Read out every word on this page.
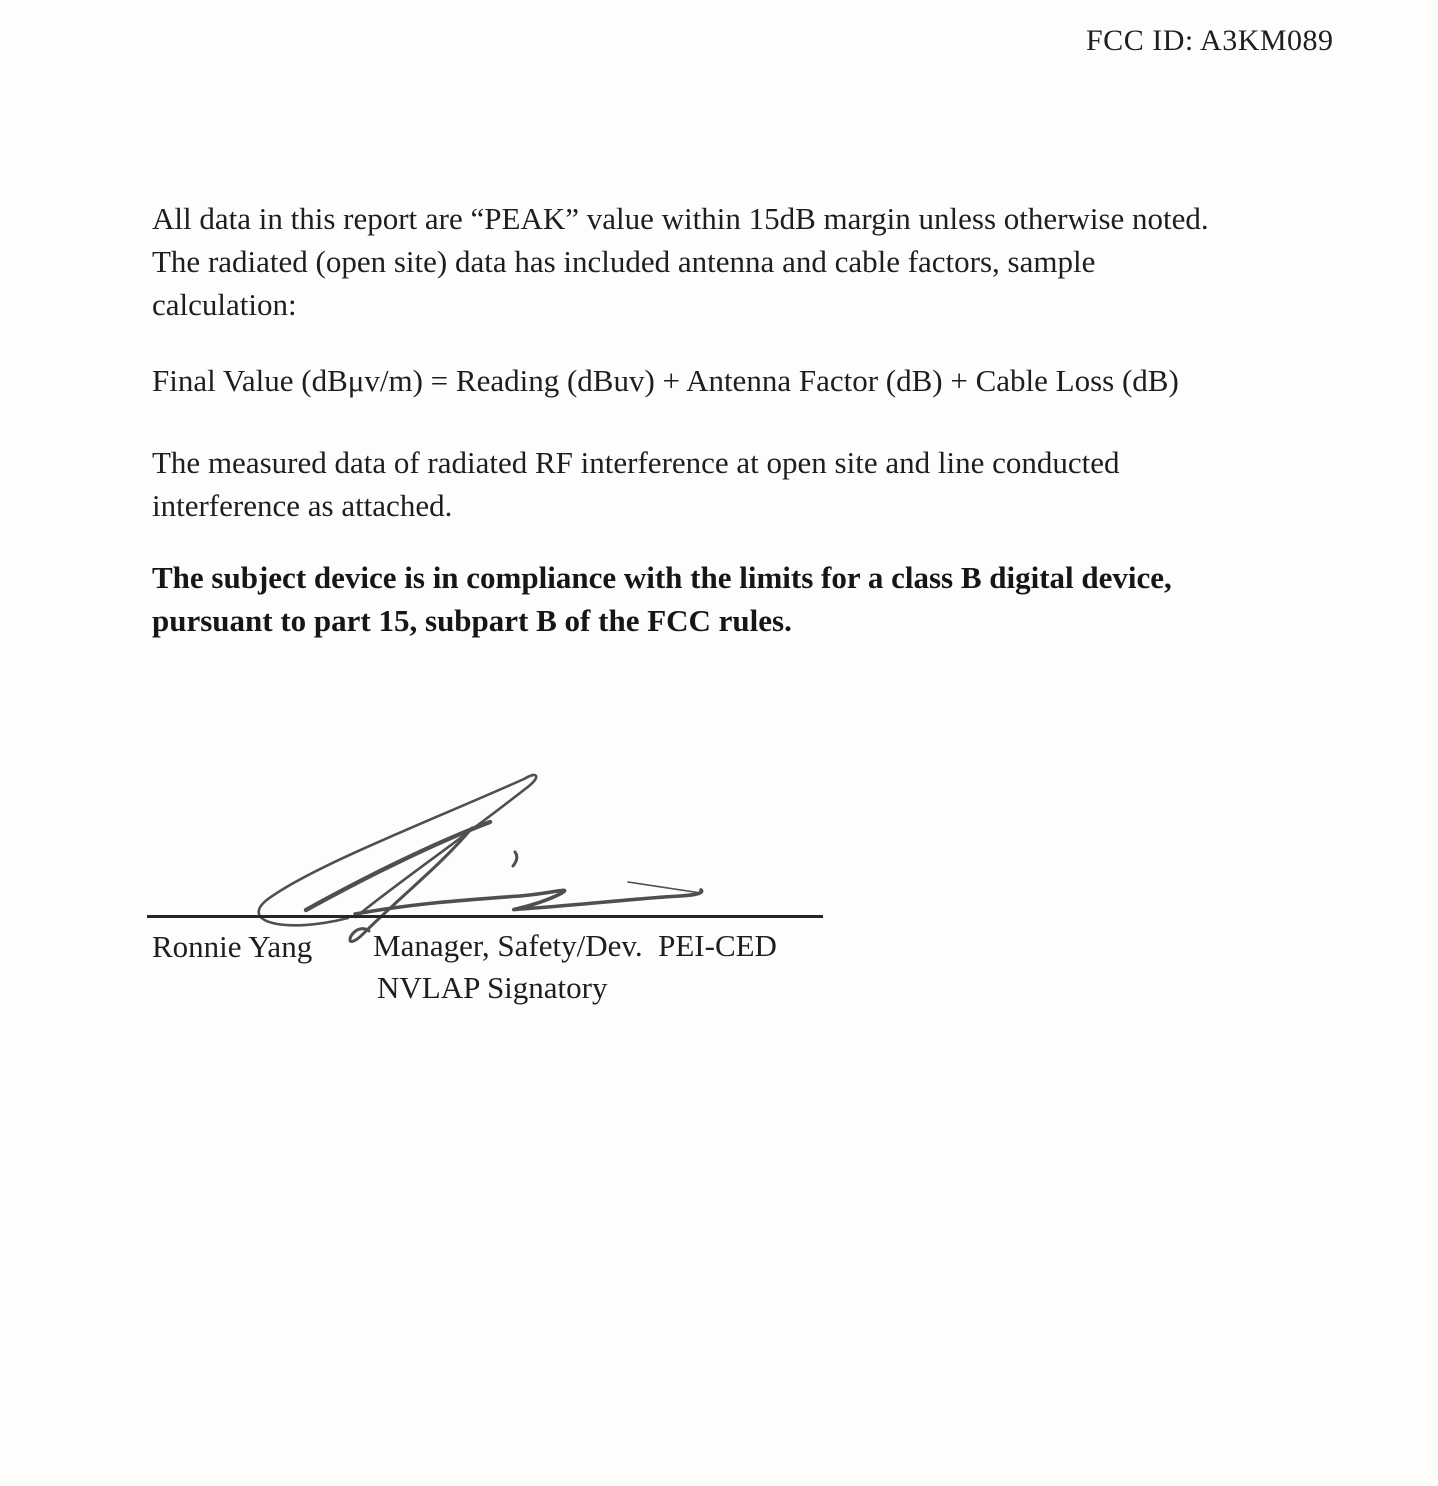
FCC ID: A3KM089
All data in this report are “PEAK” value within 15dB margin unless otherwise noted.
The radiated (open site) data has included antenna and cable factors, sample
calculation:
Final Value (dBμv/m) = Reading (dBuv) + Antenna Factor (dB) + Cable Loss (dB)
The measured data of radiated RF interference at open site and line conducted
interference as attached.
The subject device is in compliance with the limits for a class B digital device,
pursuant to part 15, subpart B of the FCC rules.
Ronnie Yang Manager, Safety/Dev.  PEI-CED
NVLAP Signatory
